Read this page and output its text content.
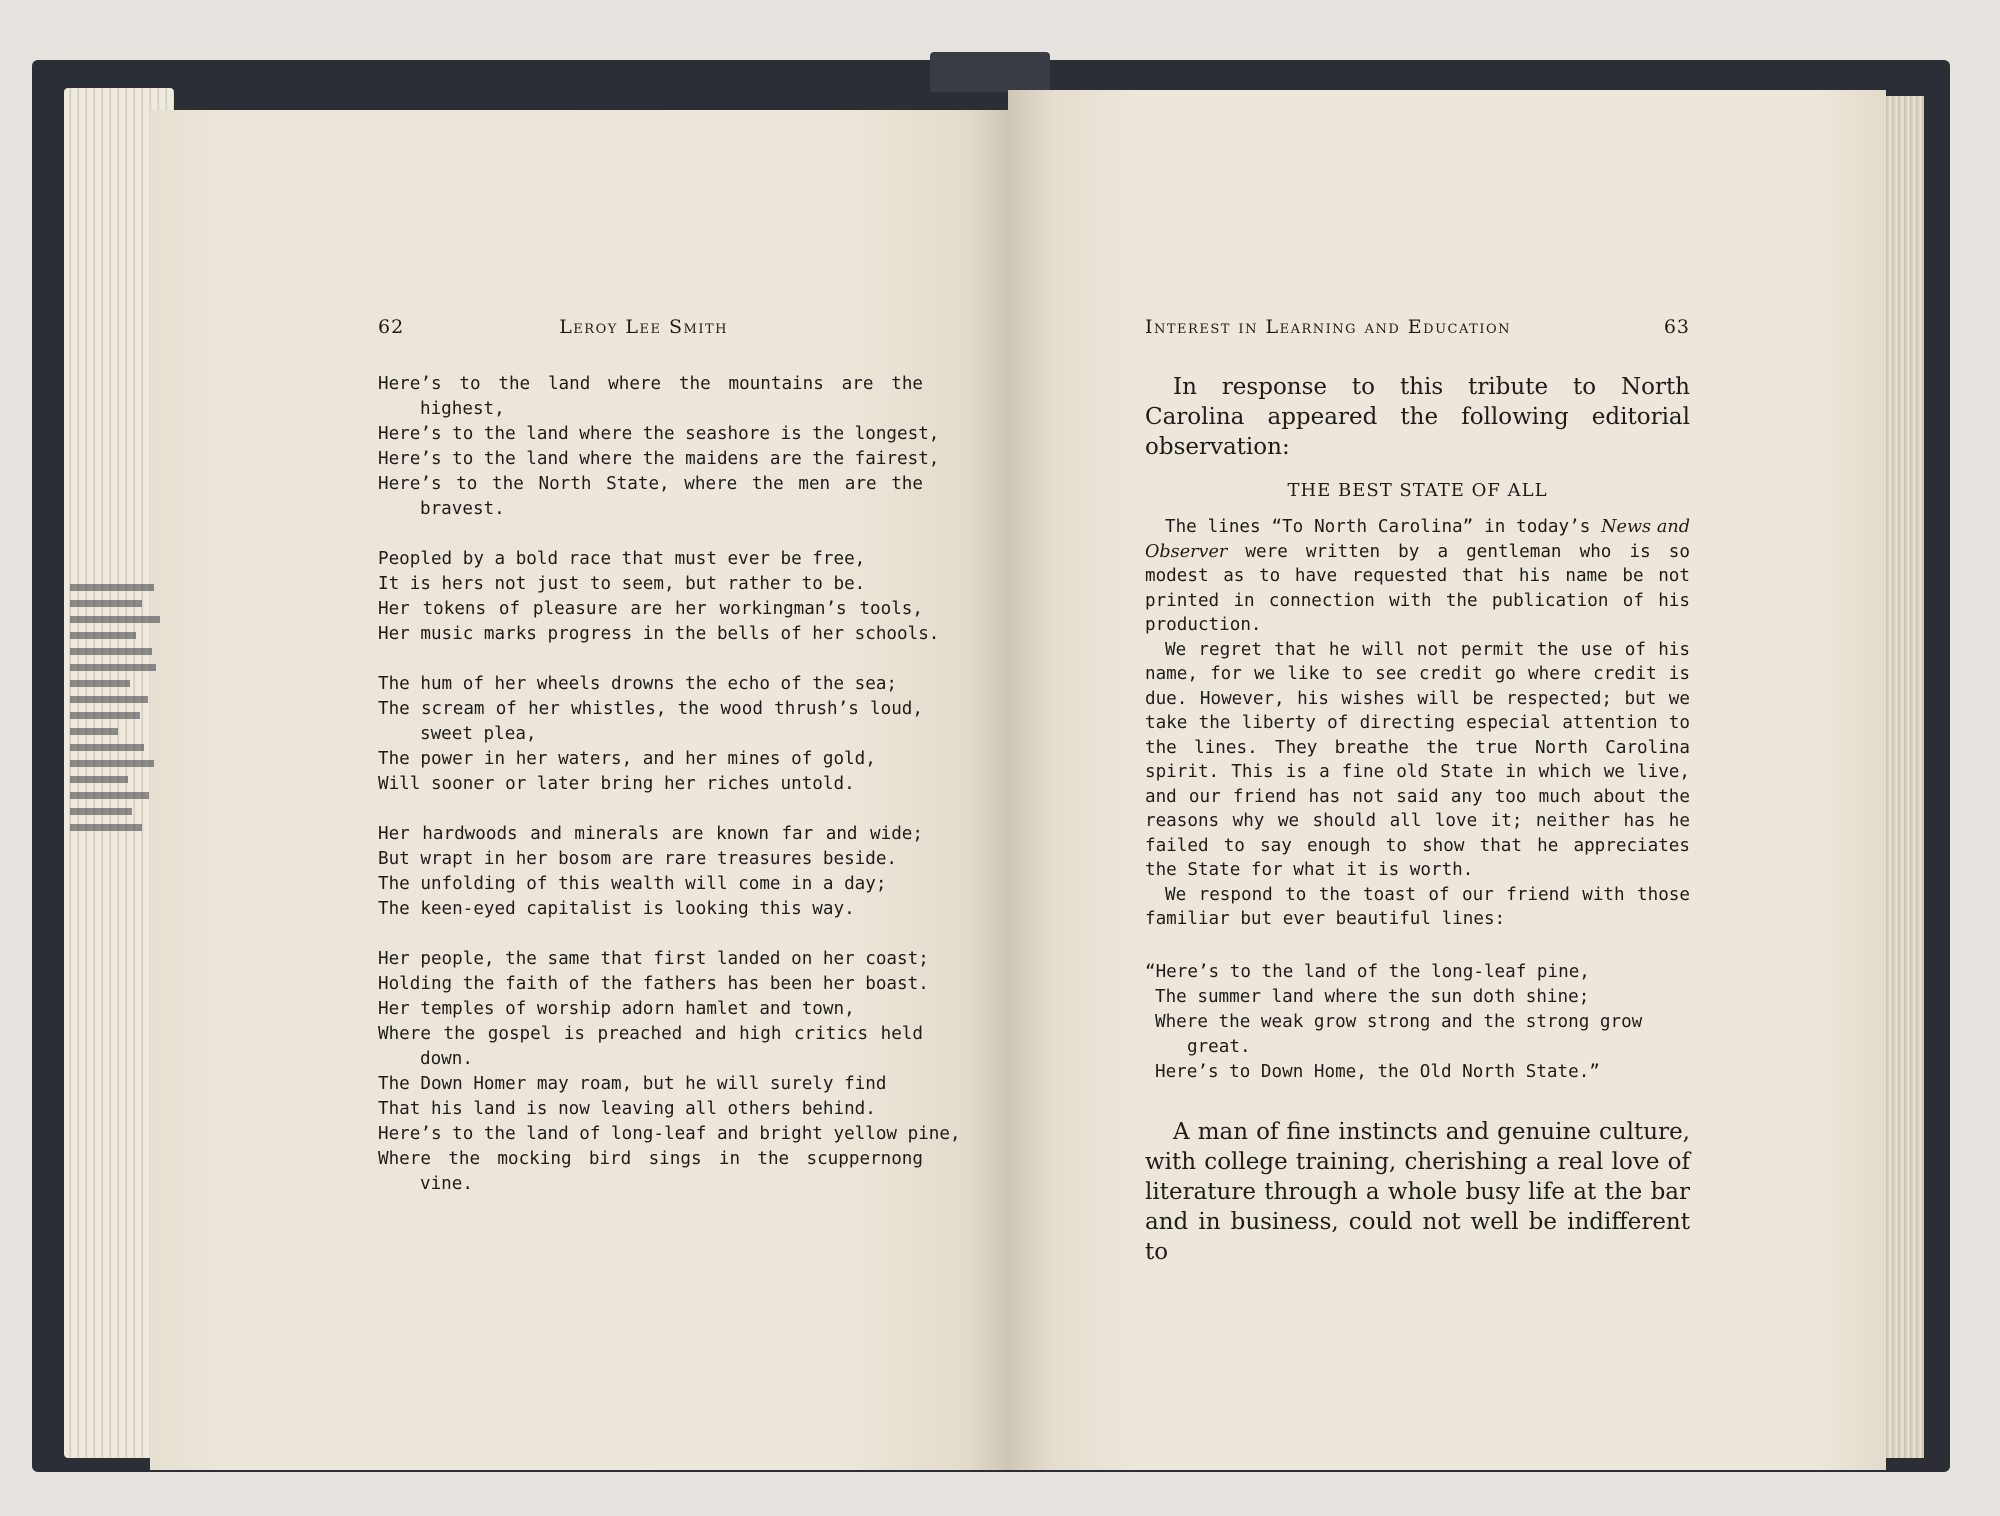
62	Leroy Lee Smith
Here’s to the land where the mountains are the
highest,
Here’s to the land where the seashore is the longest,
Here’s to the land where the maidens are the fairest,
Here’s to the North State, where the men are the
bravest.
Peopled by a bold race that must ever be free,
It is hers not just to seem, but rather to be.
Her tokens of pleasure are her workingman’s tools,
Her music marks progress in the bells of her schools.
The hum of her wheels drowns the echo of the sea;
The scream of her whistles, the wood thrush’s loud,
sweet plea,
The power in her waters, and her mines of gold,
Will sooner or later bring her riches untold.
Her hardwoods and minerals are known far and wide;
But wrapt in her bosom are rare treasures beside.
The unfolding of this wealth will come in a day;
The keen-eyed capitalist is looking this way.
Her people, the same that first landed on her coast;
Holding the faith of the fathers has been her boast.
Her temples of worship adorn hamlet and town,
Where the gospel is preached and high critics held
down.
The Down Homer may roam, but he will surely find
That his land is now leaving all others behind.
Here’s to the land of long-leaf and bright yellow pine,
Where the mocking bird sings in the scuppernong
vine.
Interest in Learning and Education	63

In response to this tribute to North Carolina appeared the following editorial observation:

THE BEST STATE OF ALL

The lines “To North Carolina” in today’s News and Observer were written by a gentleman who is so modest as to have requested that his name be not printed in connection with the publication of his production.

We regret that he will not permit the use of his name, for we like to see credit go where credit is due. However, his wishes will be respected; but we take the liberty of directing especial attention to the lines. They breathe the true North Carolina spirit. This is a fine old State in which we live, and our friend has not said any too much about the reasons why we should all love it; neither has he failed to say enough to show that he appreciates the State for what it is worth.

We respond to the toast of our friend with those familiar but ever beautiful lines:

“Here’s to the land of the long-leaf pine,
The summer land where the sun doth shine;
Where the weak grow strong and the strong grow
great.
Here’s to Down Home, the Old North State.”

A man of fine instincts and genuine culture, with college training, cherishing a real love of literature through a whole busy life at the bar and in business, could not well be indifferent to
